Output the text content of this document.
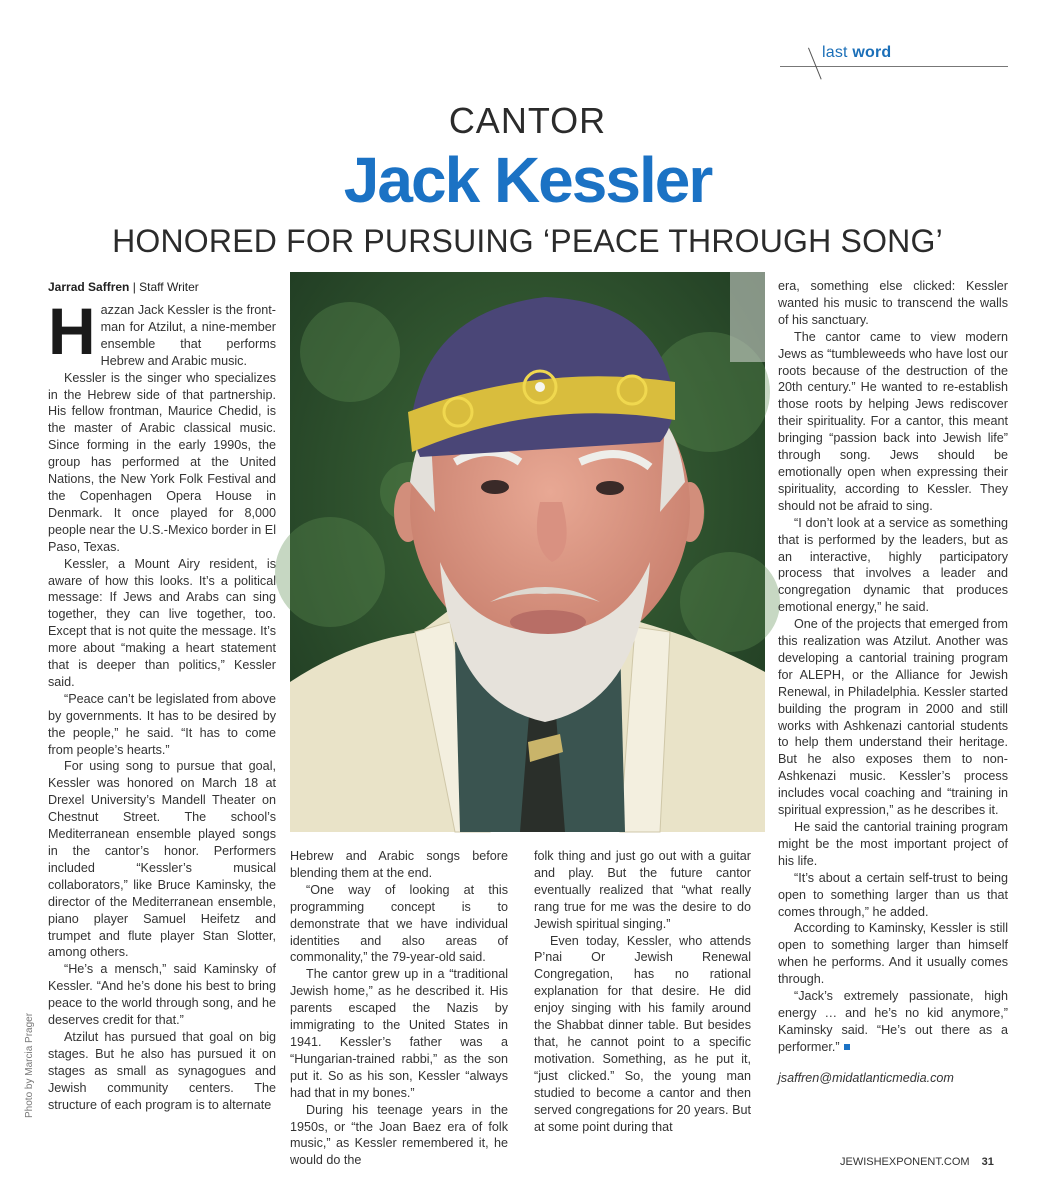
last word
CANTOR
Jack Kessler
HONORED FOR PURSUING ‘PEACE THROUGH SONG’
Jarrad Saffren | Staff Writer

Hazzan Jack Kessler is the front-man for Atzilut, a nine-member ensemble that performs Hebrew and Arabic music.

Kessler is the singer who specializes in the Hebrew side of that partnership. His fellow frontman, Maurice Chedid, is the master of Arabic classical music. Since forming in the early 1990s, the group has performed at the United Nations, the New York Folk Festival and the Copenhagen Opera House in Denmark. It once played for 8,000 people near the U.S.-Mexico border in El Paso, Texas.

Kessler, a Mount Airy resident, is aware of how this looks. It’s a political message: If Jews and Arabs can sing together, they can live together, too. Except that is not quite the message. It’s more about “making a heart statement that is deeper than politics,” Kessler said.

“Peace can’t be legislated from above by governments. It has to be desired by the people,” he said. “It has to come from people’s hearts.”

For using song to pursue that goal, Kessler was honored on March 18 at Drexel University’s Mandell Theater on Chestnut Street. The school’s Mediterranean ensemble played songs in the cantor’s honor. Performers included “Kessler’s musical collaborators,” like Bruce Kaminsky, the director of the Mediterranean ensemble, piano player Samuel Heifetz and trumpet and flute player Stan Slotter, among others.

“He’s a mensch,” said Kaminsky of Kessler. “And he’s done his best to bring peace to the world through song, and he deserves credit for that.”

Atzilut has pursued that goal on big stages. But he also has pursued it on stages as small as synagogues and Jewish community centers. The structure of each program is to alternate

Photo by Marcia Prager

Hebrew and Arabic songs before blending them at the end.

“One way of looking at this programming concept is to demonstrate that we have individual identities and also areas of commonality,” the 79-year-old said.

The cantor grew up in a “traditional Jewish home,” as he described it. His parents escaped the Nazis by immigrating to the United States in 1941. Kessler’s father was a “Hungarian-trained rabbi,” as the son put it. So as his son, Kessler “always had that in my bones.”

During his teenage years in the 1950s, or “the Joan Baez era of folk music,” as Kessler remembered it, he would do the

folk thing and just go out with a guitar and play. But the future cantor eventually realized that “what really rang true for me was the desire to do Jewish spiritual singing.”

Even today, Kessler, who attends P’nai Or Jewish Renewal Congregation, has no rational explanation for that desire. He did enjoy singing with his family around the Shabbat dinner table. But besides that, he cannot point to a specific motivation. Something, as he put it, “just clicked.” So, the young man studied to become a cantor and then served congregations for 20 years. But at some point during that

era, something else clicked: Kessler wanted his music to transcend the walls of his sanctuary.

The cantor came to view modern Jews as “tumbleweeds who have lost our roots because of the destruction of the 20th century.” He wanted to re-establish those roots by helping Jews rediscover their spirituality. For a cantor, this meant bringing “passion back into Jewish life” through song. Jews should be emotionally open when expressing their spirituality, according to Kessler. They should not be afraid to sing.

“I don’t look at a service as something that is performed by the leaders, but as an interactive, highly participatory process that involves a leader and congregation dynamic that produces emotional energy,” he said.

One of the projects that emerged from this realization was Atzilut. Another was developing a cantorial training program for ALEPH, or the Alliance for Jewish Renewal, in Philadelphia. Kessler started building the program in 2000 and still works with Ashkenazi cantorial students to help them understand their heritage. But he also exposes them to non-Ashkenazi music. Kessler’s process includes vocal coaching and “training in spiritual expression,” as he describes it.

He said the cantorial training program might be the most important project of his life.

“It’s about a certain self-trust to being open to something larger than us that comes through,” he added.

According to Kaminsky, Kessler is still open to something larger than himself when he performs. And it usually comes through.

“Jack’s extremely passionate, high energy … and he’s no kid anymore,” Kaminsky said. “He’s out there as a performer.”

jsaffren@midatlanticmedia.com

JEWISHEXPONENT.COM 31
